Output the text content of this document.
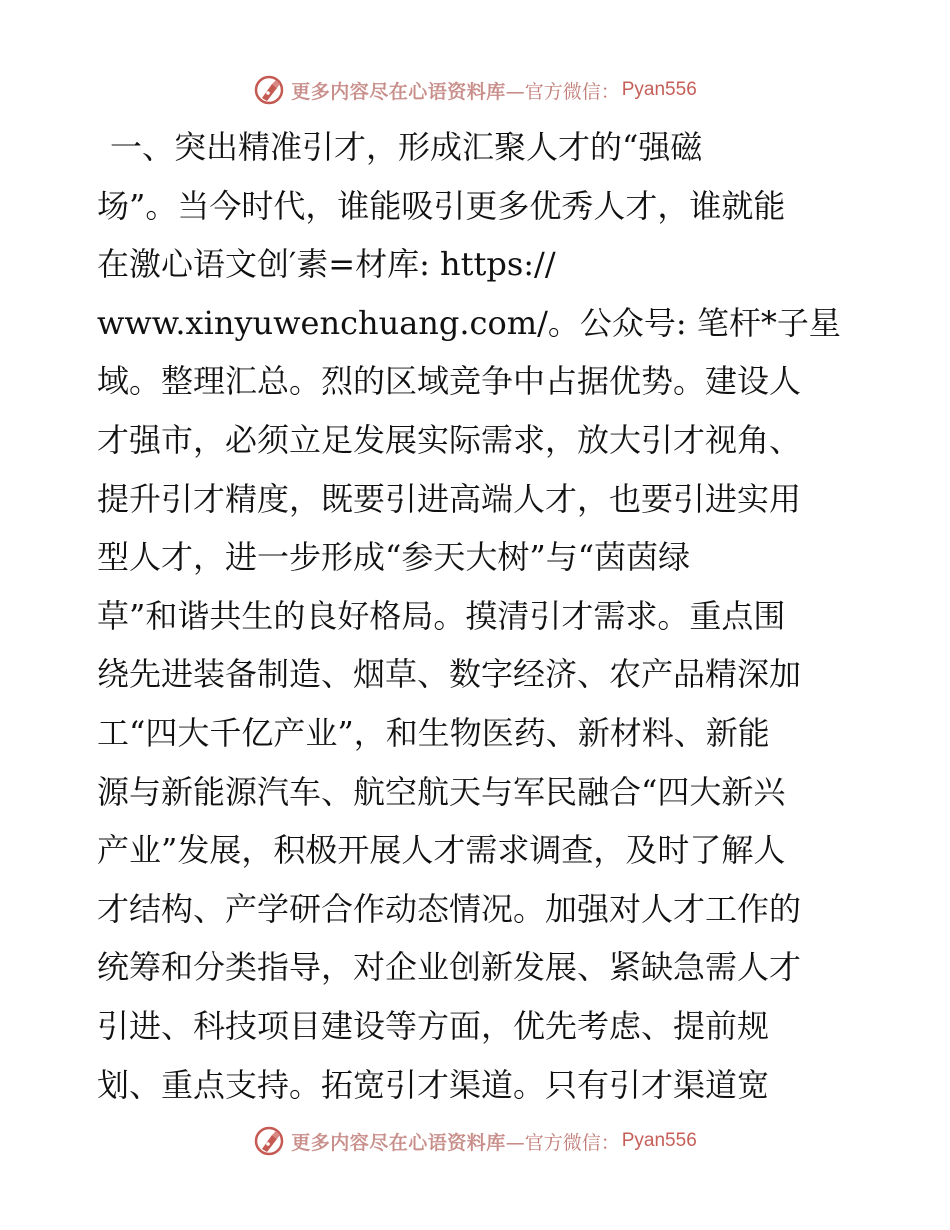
更多内容尽在心语资料库 —官方微信： Pyan556
一、突出精准引才，形成汇聚人才的“强磁
场”。当今时代，谁能吸引更多优秀人才，谁就能
在激心语文创′素=材库: https://
www.xinyuwenchuang.com/。公众号: 笔杆*子星
域。整理汇总。烈的区域竞争中占据优势。建设人
才强市，必须立足发展实际需求，放大引才视角、
提升引才精度，既要引进高端人才，也要引进实用
型人才，进一步形成“参天大树”与“茵茵绿
草”和谐共生的良好格局。摸清引才需求。重点围
绕先进装备制造、烟草、数字经济、农产品精深加
工“四大千亿产业”，和生物医药、新材料、新能
源与新能源汽车、航空航天与军民融合“四大新兴
产业”发展，积极开展人才需求调查，及时了解人
才结构、产学研合作动态情况。加强对人才工作的
统筹和分类指导，对企业创新发展、紧缺急需人才
引进、科技项目建设等方面，优先考虑、提前规
划、重点支持。拓宽引才渠道。只有引才渠道宽
更多内容尽在心语资料库 —官方微信： Pyan556
